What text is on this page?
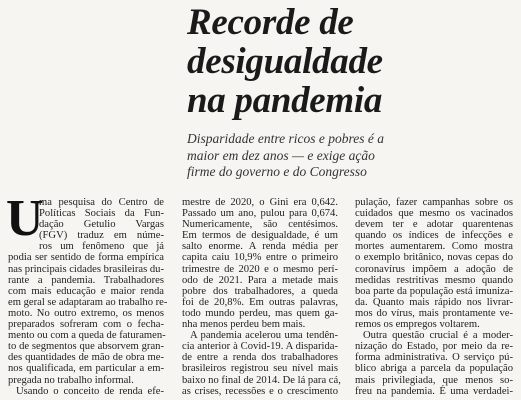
Recorde de
desigualdade
na pandemia

Disparidade entre ricos e pobres é a
maior em dez anos — e exige ação
firme do governo e do Congresso

U
ma pesquisa do Centro de
Políticas Sociais da Fun-
dação Getulio Vargas
(FGV) traduz em núme-
ros um fenômeno que já
podia ser sentido de forma empírica
nas principais cidades brasileiras du-
rante a pandemia. Trabalhadores
com mais educação e maior renda
em geral se adaptaram ao trabalho re-
moto. No outro extremo, os menos
preparados sofreram com o fecha-
mento ou com a queda de faturamen-
to de segmentos que absorvem gran-
des quantidades de mão de obra me-
nos qualificada, em particular a em-
pregada no trabalho informal.
Usando o conceito de renda efe-
mestre de 2020, o Gini era 0,642.
Passado um ano, pulou para 0,674.
Numericamente, são centésimos.
Em termos de desigualdade, é um
salto enorme. A renda média per
capita caiu 10,9% entre o primeiro
trimestre de 2020 e o mesmo perí-
odo de 2021. Para a metade mais
pobre dos trabalhadores, a queda
foi de 20,8%. Em outras palavras,
todo mundo perdeu, mas quem ga-
nha menos perdeu bem mais.
A pandemia acelerou uma tendên-
cia anterior à Covid-19. A disparida-
de entre a renda dos trabalhadores
brasileiros registrou seu nível mais
baixo no final de 2014. De lá para cá,
as crises, recessões e o crescimento
pulação, fazer campanhas sobre os
cuidados que mesmo os vacinados
devem ter e adotar quarentenas
quando os índices de infecções e
mortes aumentarem. Como mostra
o exemplo britânico, novas cepas do
coronavírus impõem a adoção de
medidas restritivas mesmo quando
boa parte da população está imuniza-
da. Quanto mais rápido nos livrar-
mos do vírus, mais prontamente ve-
remos os empregos voltarem.
Outra questão crucial é a moder-
nização do Estado, por meio da re-
forma administrativa. O serviço pú-
blico abriga a parcela da população
mais privilegiada, que menos so-
freu na pandemia. É uma verdadei-
